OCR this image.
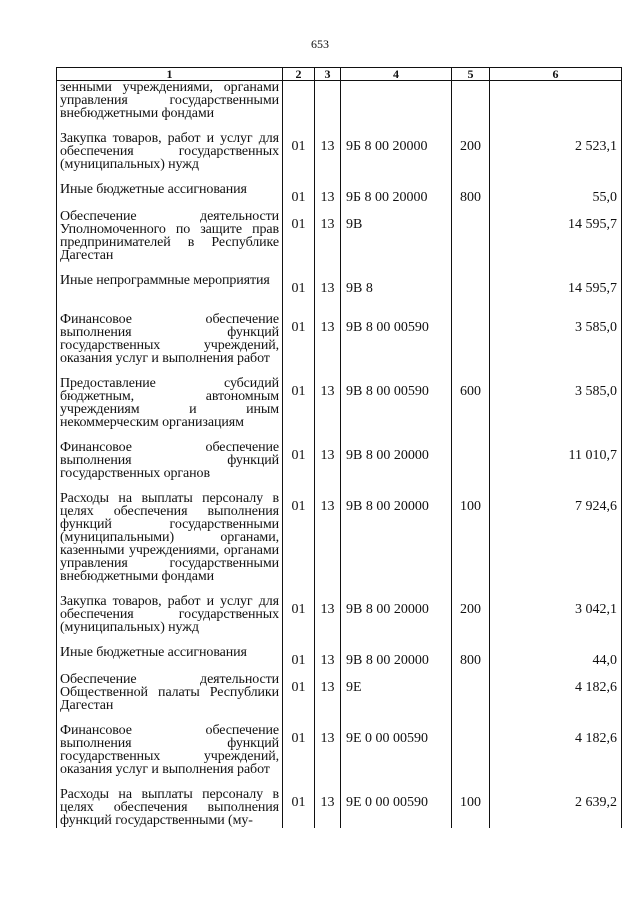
653
1	2	3	4	5	6
зенными учреждениями, органами управления государственными внебюджетными фондами					
Закупка товаров, работ и услуг для обеспечения государственных (муниципальных) нужд	01	13	9Б 8 00 20000	200	2 523,1
Иные бюджетные ассигнования	01	13	9Б 8 00 20000	800	55,0
Обеспечение деятельности Уполномоченного по защите прав предпринимателей в Республике Дагестан	01	13	9В		14 595,7
Иные непрограммные мероприятия	01	13	9В 8		14 595,7
Финансовое обеспечение выполнения функций государственных учреждений, оказания услуг и выполнения работ	01	13	9В 8 00 00590		3 585,0
Предоставление субсидий бюджетным, автономным учреждениям и иным некоммерческим организациям	01	13	9В 8 00 00590	600	3 585,0
Финансовое обеспечение выполнения функций государственных органов	01	13	9В 8 00 20000		11 010,7
Расходы на выплаты персоналу в целях обеспечения выполнения функций государственными (муниципальными) органами, казенными учреждениями, органами управления государственными внебюджетными фондами	01	13	9В 8 00 20000	100	7 924,6
Закупка товаров, работ и услуг для обеспечения государственных (муниципальных) нужд	01	13	9В 8 00 20000	200	3 042,1
Иные бюджетные ассигнования	01	13	9В 8 00 20000	800	44,0
Обеспечение деятельности Общественной палаты Республики Дагестан	01	13	9Е		4 182,6
Финансовое обеспечение выполнения функций государственных учреждений, оказания услуг и выполнения работ	01	13	9Е 0 00 00590		4 182,6
Расходы на выплаты персоналу в целях обеспечения выполнения функций государственными (му-	01	13	9Е 0 00 00590	100	2 639,2
